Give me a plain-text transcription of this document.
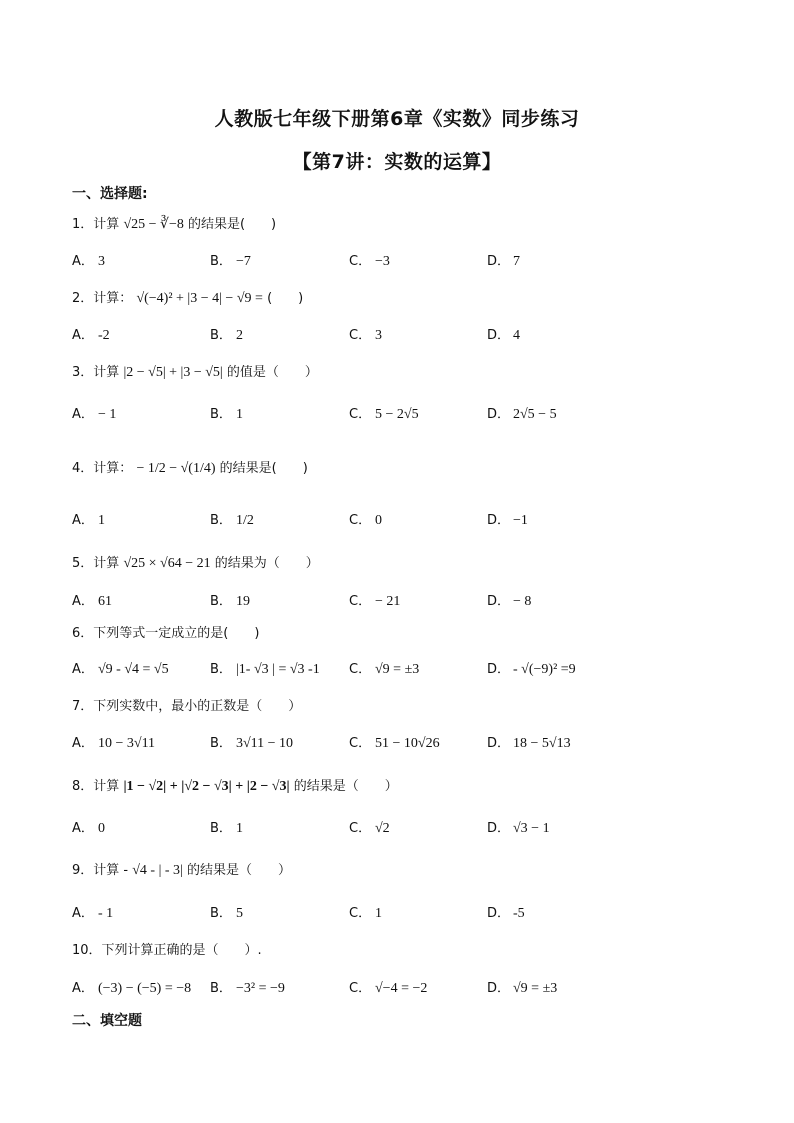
人教版七年级下册第6章《实数》同步练习
【第7讲：实数的运算】
一、选择题:
1．计算 √25 − ∛−8 的结果是(　　)
A． 3	B． −7	C． −3	D． 7
2．计算： √(−4)² + |3 − 4| − √9 = (　　)
A． -2	B． 2	C． 3	D． 4
3．计算 |2 − √5| + |3 − √5| 的值是（　　）
A． − 1	B． 1	C． 5 − 2√5	D． 2√5 − 5
4．计算： − 1/2 − √(1/4) 的结果是(　　)
A． 1	B． 1/2	C． 0	D． −1
5．计算 √25 × √64 − 21 的结果为（　　）
A． 61	B． 19	C． − 21	D． − 8
6．下列等式一定成立的是(　　)
A． √9 - √4 = √5	B． |1- √3 | = √3 -1 C． √9 = ±3	D． - √(−9)² =9
7．下列实数中，最小的正数是（　　）
A． 10 − 3√11	B． 3√11 − 10	C． 51 − 10√26	D． 18 − 5√13
8．计算 |1 − √2| + |√2 − √3| + |2 − √3| 的结果是（　　）
A． 0	B． 1	C． √2	D． √3 − 1
9．计算 - √4 - | - 3| 的结果是（　　）
A． - 1	B． 5	C． 1	D． -5
10．下列计算正确的是（　　）.
A． (−3) − (−5) = −8 B． −3² = −9	C． √−4 = −2	D． √9 = ±3
二、填空题
